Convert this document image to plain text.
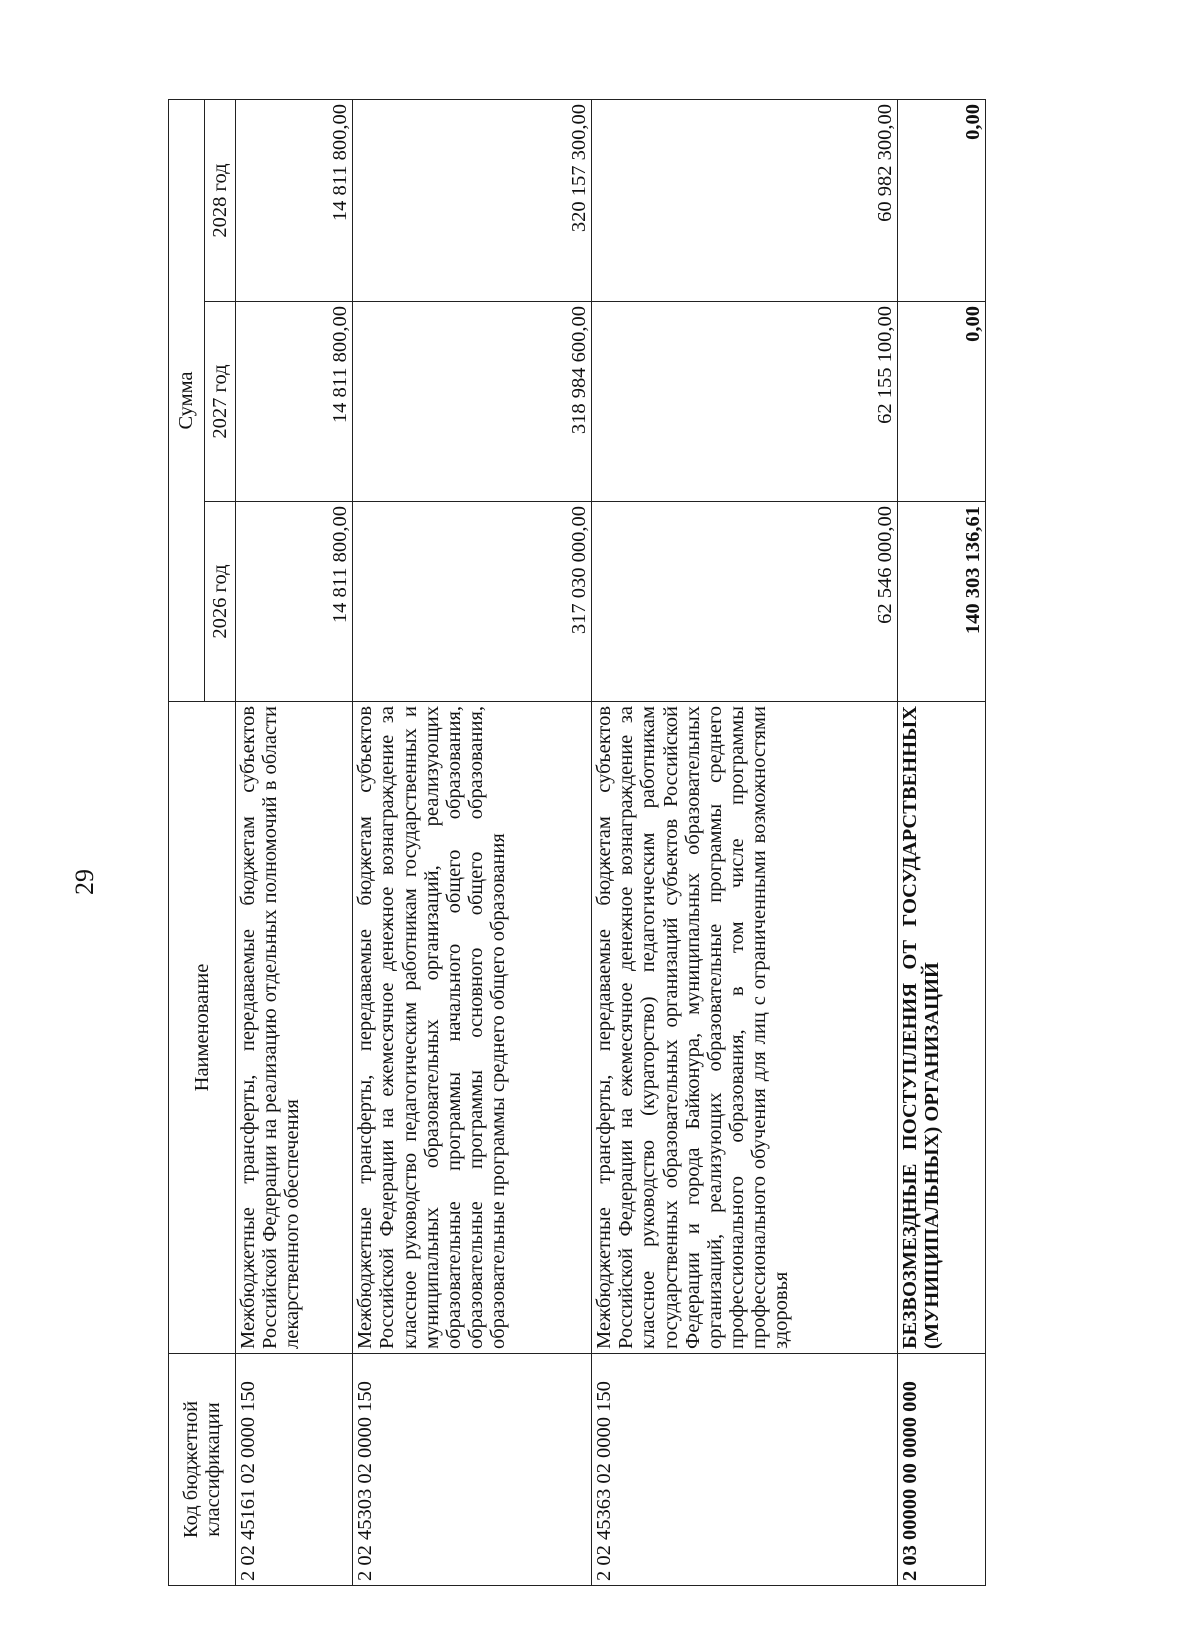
29
Код бюджетной классификации	Наименование	Сумма		
		2026 год	2027 год	2028 год
2 02 45161 02 0000 150	Межбюджетные трансферты, передаваемые бюджетам субъектов Российской Федерации на реализацию отдельных полномочий в области лекарственного обеспечения	14 811 800,00	14 811 800,00	14 811 800,00
2 02 45303 02 0000 150	Межбюджетные трансферты, передаваемые бюджетам субъектов Российской Федерации на ежемесячное денежное вознаграждение за классное руководство педагогическим работникам государственных и муниципальных образовательных организаций, реализующих образовательные программы начального общего образования, образовательные программы основного общего образования, образовательные программы среднего общего образования	317 030 000,00	318 984 600,00	320 157 300,00
2 02 45363 02 0000 150	Межбюджетные трансферты, передаваемые бюджетам субъектов Российской Федерации на ежемесячное денежное вознаграждение за классное руководство (кураторство) педагогическим работникам государственных образовательных организаций субъектов Российской Федерации и города Байконура, муниципальных образовательных организаций, реализующих образовательные программы среднего профессионального образования, в том числе программы профессионального обучения для лиц с ограниченными возможностями здоровья	62 546 000,00	62 155 100,00	60 982 300,00
2 03 00000 00 0000 000	БЕЗВОЗМЕЗДНЫЕ ПОСТУПЛЕНИЯ ОТ ГОСУДАРСТВЕННЫХ (МУНИЦИПАЛЬНЫХ) ОРГАНИЗАЦИЙ	140 303 136,61	0,00	0,00
